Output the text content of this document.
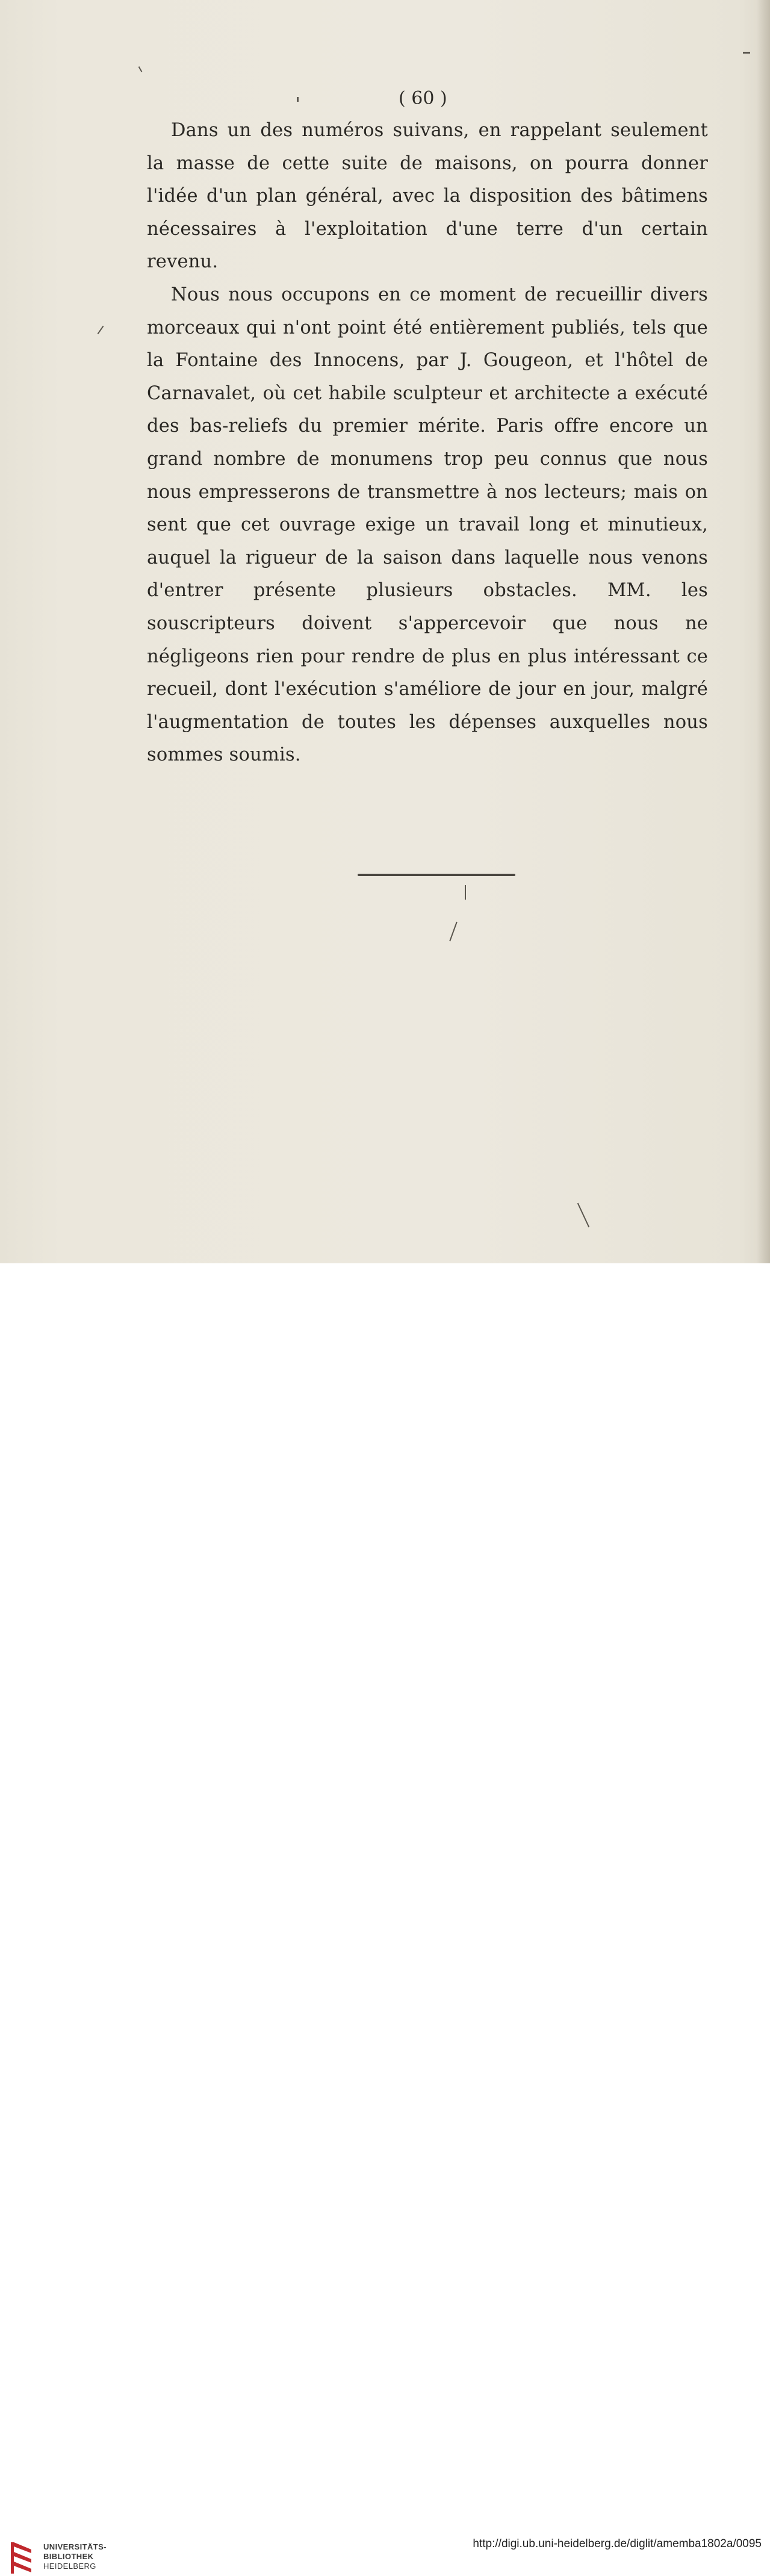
( 60 )

Dans un des numéros suivans, en rappelant seulement la masse de cette suite de maisons, on pourra donner l'idée d'un plan général, avec la disposition des bâtimens nécessaires à l'exploitation d'une terre d'un certain revenu.

Nous nous occupons en ce moment de recueillir divers morceaux qui n'ont point été entièrement publiés, tels que la Fontaine des Innocens, par J. Gougeon, et l'hôtel de Carnavalet, où cet habile sculpteur et architecte a exécuté des bas-reliefs du premier mérite. Paris offre encore un grand nombre de monumens trop peu connus que nous nous empresserons de transmettre à nos lecteurs; mais on sent que cet ouvrage exige un travail long et minutieux, auquel la rigueur de la saison dans laquelle nous venons d'entrer présente plusieurs obstacles. MM. les souscripteurs doivent s'appercevoir que nous ne négligeons rien pour rendre de plus en plus intéressant ce recueil, dont l'exécution s'améliore de jour en jour, malgré l'augmentation de toutes les dépenses auxquelles nous sommes soumis.

UNIVERSITÄTS-
BIBLIOTHEK
HEIDELBERG
http://digi.ub.uni-heidelberg.de/diglit/amemba1802a/0095
